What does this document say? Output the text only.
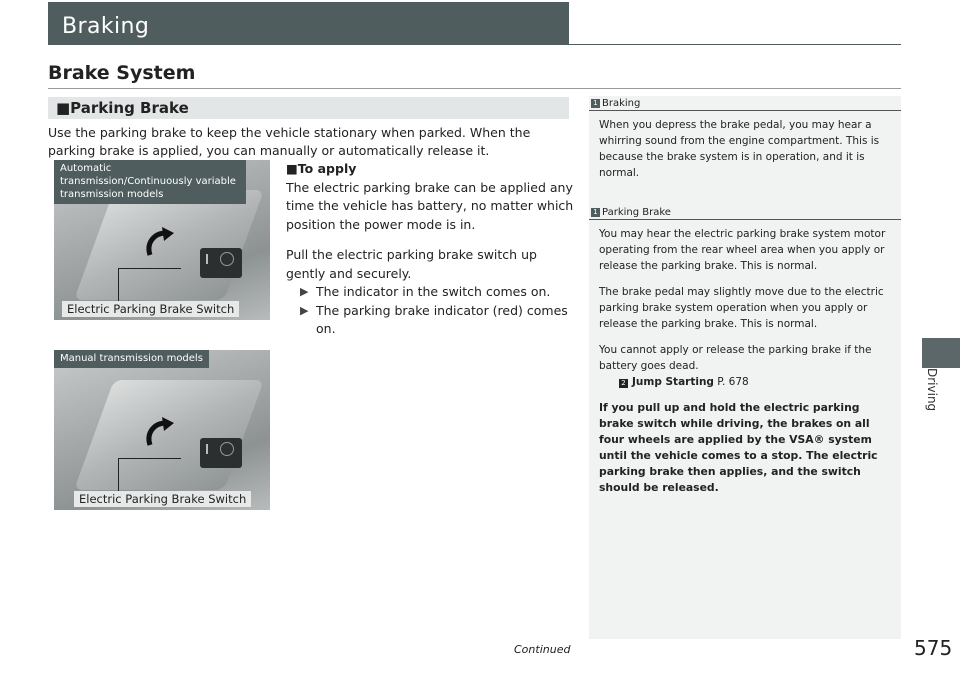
Braking
Driving
Brake System
■Parking Brake
Use the parking brake to keep the vehicle stationary when parked. When the parking brake is applied, you can manually or automatically release it.
Automatic transmission/Continuously variable transmission models
Electric Parking Brake Switch
Manual transmission models
Electric Parking Brake Switch

■To apply

The electric parking brake can be applied any time the vehicle has battery, no matter which position the power mode is in.

Pull the electric parking brake switch up gently and securely.

▶ The indicator in the switch comes on.
▶ The parking brake indicator (red) comes on.
1 Braking

When you depress the brake pedal, you may hear a whirring sound from the engine compartment. This is because the brake system is in operation, and it is normal.

1 Parking Brake

You may hear the electric parking brake system motor operating from the rear wheel area when you apply or release the parking brake. This is normal.

The brake pedal may slightly move due to the electric parking brake system operation when you apply or release the parking brake. This is normal.

You cannot apply or release the parking brake if the battery goes dead.

2 Jump Starting P. 678

If you pull up and hold the electric parking brake switch while driving, the brakes on all four wheels are applied by the VSA® system until the vehicle comes to a stop. The electric parking brake then applies, and the switch should be released.

Continued	575
